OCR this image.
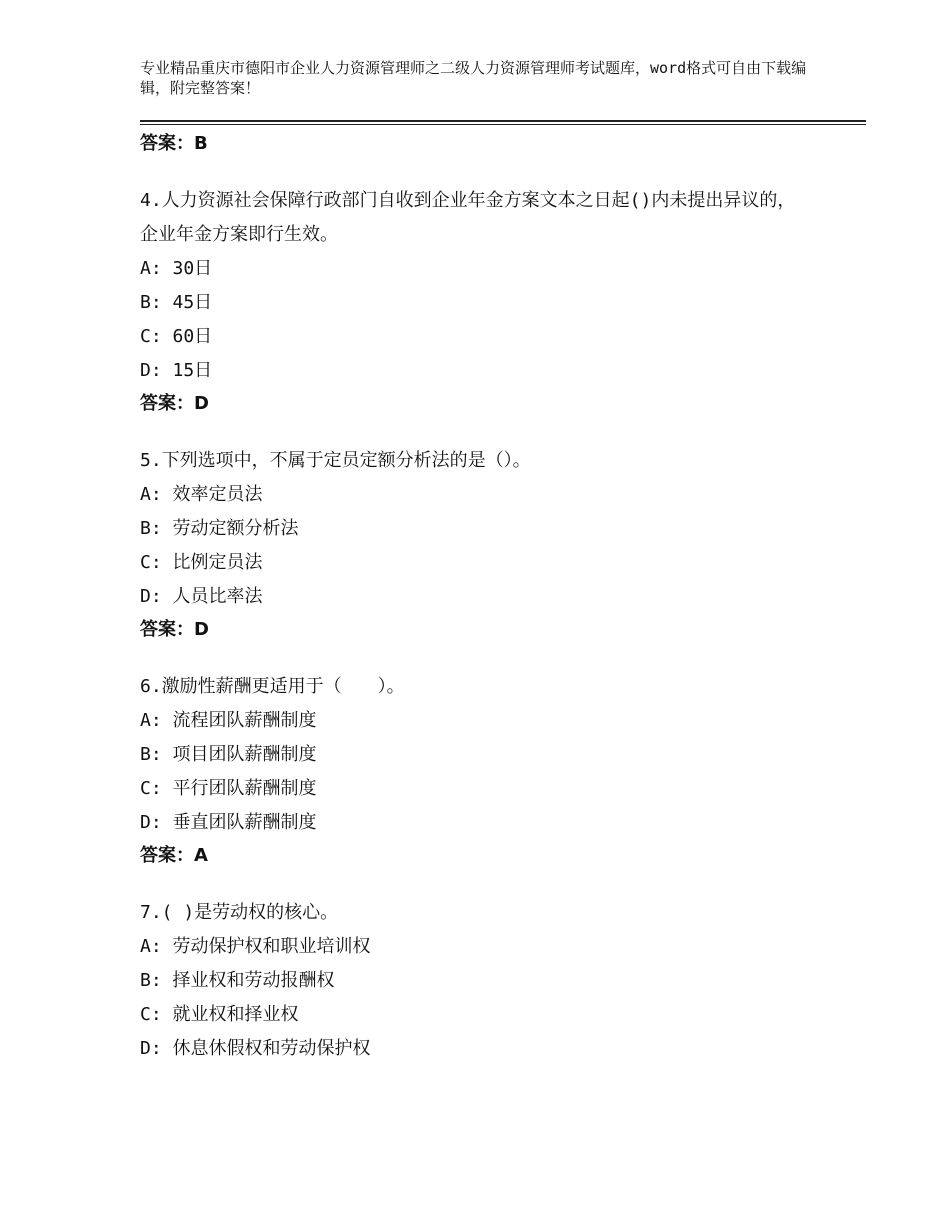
专业精品重庆市德阳市企业人力资源管理师之二级人力资源管理师考试题库，word格式可自由下载编辑，附完整答案！
答案：B
4.人力资源社会保障行政部门自收到企业年金方案文本之日起()内未提出异议的，企业年金方案即行生效。
A: 30日
B: 45日
C: 60日
D: 15日
答案：D
5.下列选项中，不属于定员定额分析法的是（）。
A: 效率定员法
B: 劳动定额分析法
C: 比例定员法
D: 人员比率法
答案：D
6.激励性薪酬更适用于（　　）。
A: 流程团队薪酬制度
B: 项目团队薪酬制度
C: 平行团队薪酬制度
D: 垂直团队薪酬制度
答案：A
7.( )是劳动权的核心。
A: 劳动保护权和职业培训权
B: 择业权和劳动报酬权
C: 就业权和择业权
D: 休息休假权和劳动保护权
